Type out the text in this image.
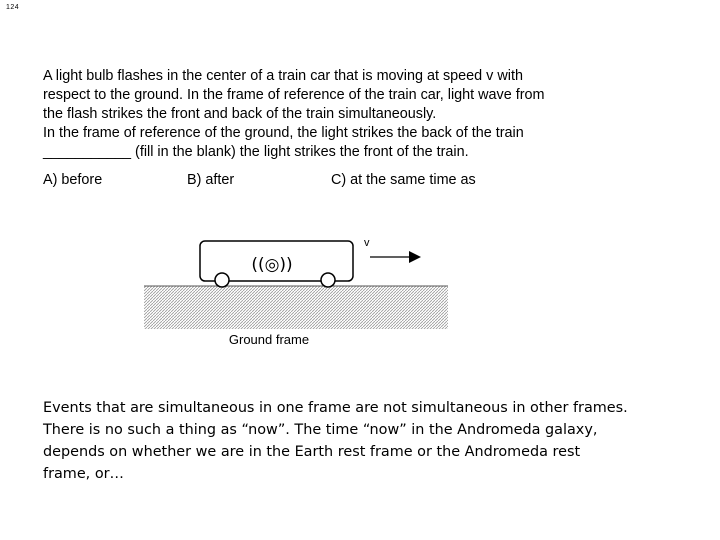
124

A light bulb flashes in the center of a train car that is moving at speed v with

respect to the ground. In the frame of reference of the train car, light wave from

the flash strikes the front and back of the train simultaneously.

In the frame of reference of the ground, the light strikes the back of the train

___________ (fill in the blank) the light strikes the front of the train.

A) before	B) after	C) at the same time as
((◎))
v
Ground frame

Events that are simultaneous in one frame are not simultaneous in other frames.

There is no such a thing as “now”. The time “now” in the Andromeda galaxy,

depends on whether we are in the Earth rest frame or the Andromeda rest

frame, or…
